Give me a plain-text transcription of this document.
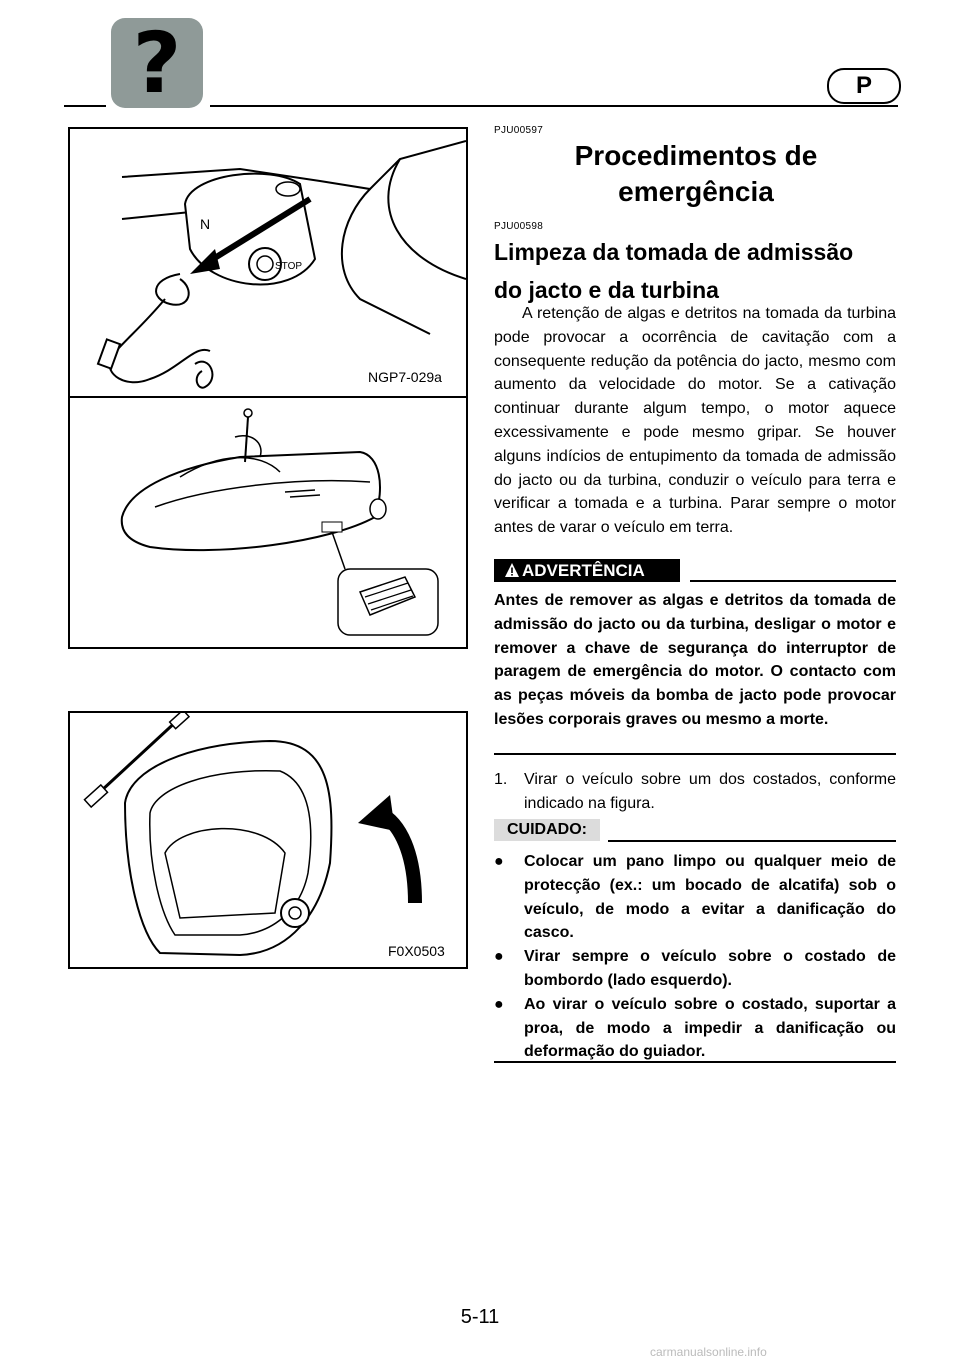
?	P
STOP
N
NGP7-029a
F0X0503
PJU00597
Procedimentos de
emergência
PJU00598
Limpeza da tomada de admissão
do jacto e da turbina

A retenção de algas e detritos na tomada da turbina pode provocar a ocorrência de cavitação com a consequente redução da potência do jacto, mesmo com aumento da velocidade do motor. Se a cativação continuar durante algum tempo, o motor aquece excessivamente e pode mesmo gripar. Se houver alguns indícios de entupimento da tomada de admissão do jacto ou da turbina, conduzir o veículo para terra e verificar a tomada e a turbina. Parar sempre o motor antes de varar o veículo em terra.

ADVERTÊNCIA
Antes de remover as algas e detritos da tomada de admissão do jacto ou da turbina, desligar o motor e remover a chave de segurança do interruptor de paragem de emergência do motor. O contacto com as peças móveis da bomba de jacto pode provocar lesões corporais graves ou mesmo a morte.
1. Virar o veículo sobre um dos costados, conforme indicado na figura.
CUIDADO:
● Colocar um pano limpo ou qualquer meio de protecção (ex.: um bocado de alcatifa) sob o veículo, de modo a evitar a danificação do casco.
● Virar sempre o veículo sobre o costado de bombordo (lado esquerdo).
● Ao virar o veículo sobre o costado, suportar a proa, de modo a impedir a danificação ou deformação do guiador.
5-11
carmanualsonline.info
